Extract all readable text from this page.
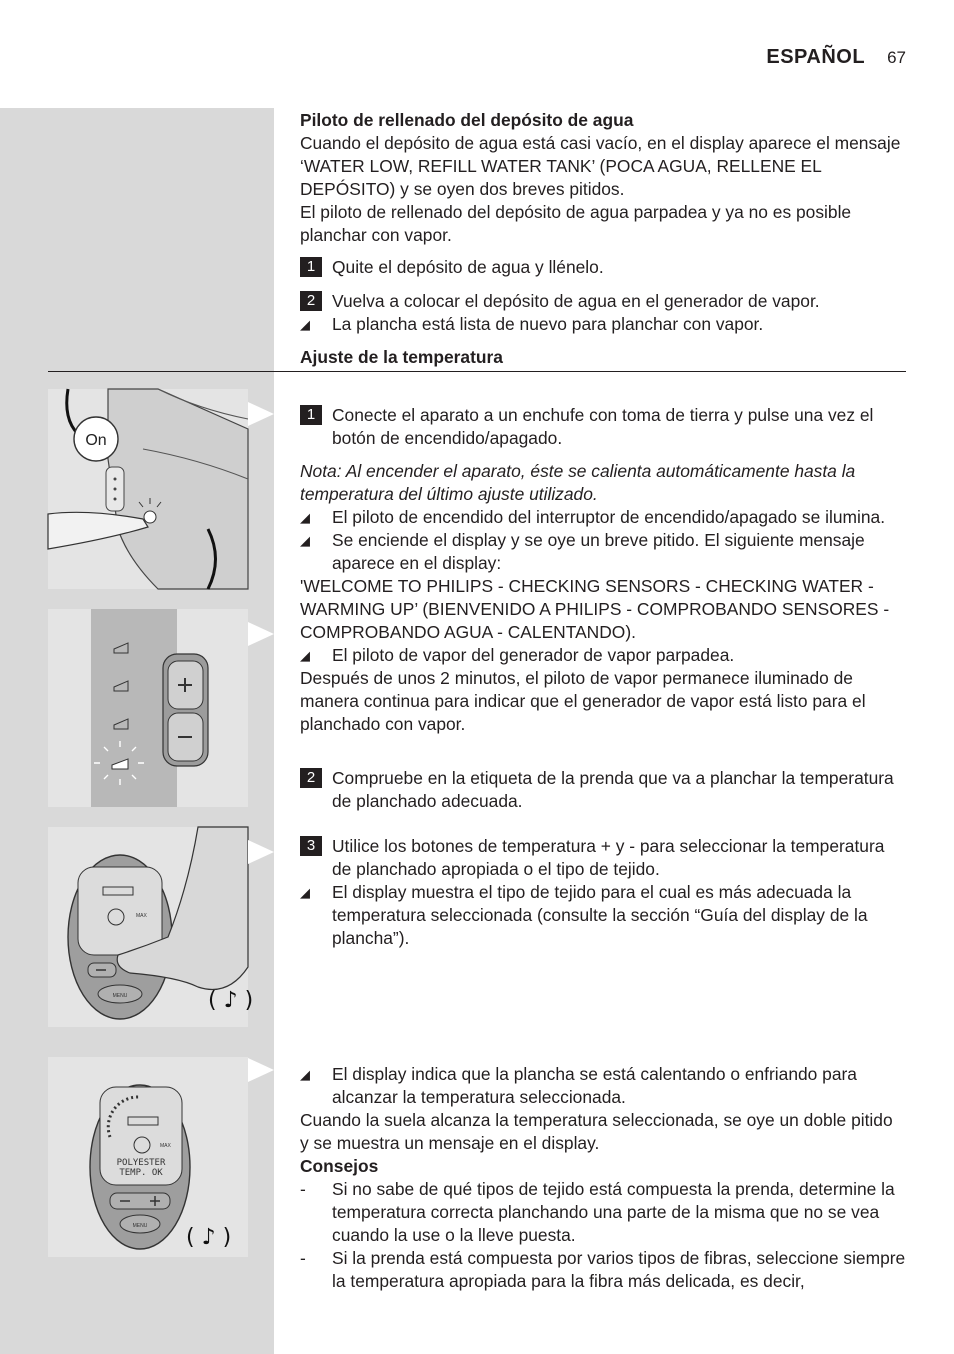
ESPAÑOL 67

Piloto de rellenado del depósito de agua

Cuando el depósito de agua está casi vacío, en el display aparece el mensaje ‘WATER LOW, REFILL WATER TANK’ (POCA AGUA, RELLENE EL DEPÓSITO) y se oyen dos breves pitidos.

El piloto de rellenado del depósito de agua parpadea y ya no es posible planchar con vapor.

1 Quite el depósito de agua y llénelo.
2 Vuelva a colocar el depósito de agua en el generador de vapor.
◢	La plancha está lista de nuevo para planchar con vapor.

Ajuste de la temperatura

1 Conecte el aparato a un enchufe con toma de tierra y pulse una vez el botón de encendido/apagado.

Nota: Al encender el aparato, éste se calienta automáticamente hasta la temperatura del último ajuste utilizado.

◢	El piloto de encendido del interruptor de encendido/apagado se ilumina.
◢	Se enciende el display y se oye un breve pitido. El siguiente mensaje aparece en el display:

'WELCOME TO PHILIPS - CHECKING SENSORS - CHECKING WATER - WARMING UP’ (BIENVENIDO A PHILIPS - COMPROBANDO SENSORES - COMPROBANDO AGUA - CALENTANDO).

◢	El piloto de vapor del generador de vapor parpadea.

Después de unos 2 minutos, el piloto de vapor permanece iluminado de manera continua para indicar que el generador de vapor está listo para el planchado con vapor.

2 Compruebe en la etiqueta de la prenda que va a planchar la temperatura de planchado adecuada.
3 Utilice los botones de temperatura + y - para seleccionar la temperatura de planchado apropiada o el tipo de tejido.
◢	El display muestra el tipo de tejido para el cual es más adecuada la temperatura seleccionada (consulte la sección “Guía del display de la plancha”).
◢	El display indica que la plancha se está calentando o enfriando para alcanzar la temperatura seleccionada.

Cuando la suela alcanza la temperatura seleccionada, se oye un doble pitido y se muestra un mensaje en el display.

Consejos

-	Si no sabe de qué tipos de tejido está compuesta la prenda, determine la temperatura correcta planchando una parte de la misma que no se vea cuando la use o la lleve puesta.
-	Si la prenda está compuesta por varios tipos de fibras, seleccione siempre la temperatura apropiada para la fibra más delicada, es decir,
On
MAX
MENU	( ♪ )
MAX
POLYESTER
TEMP. OK
MENU ( ♪ )
